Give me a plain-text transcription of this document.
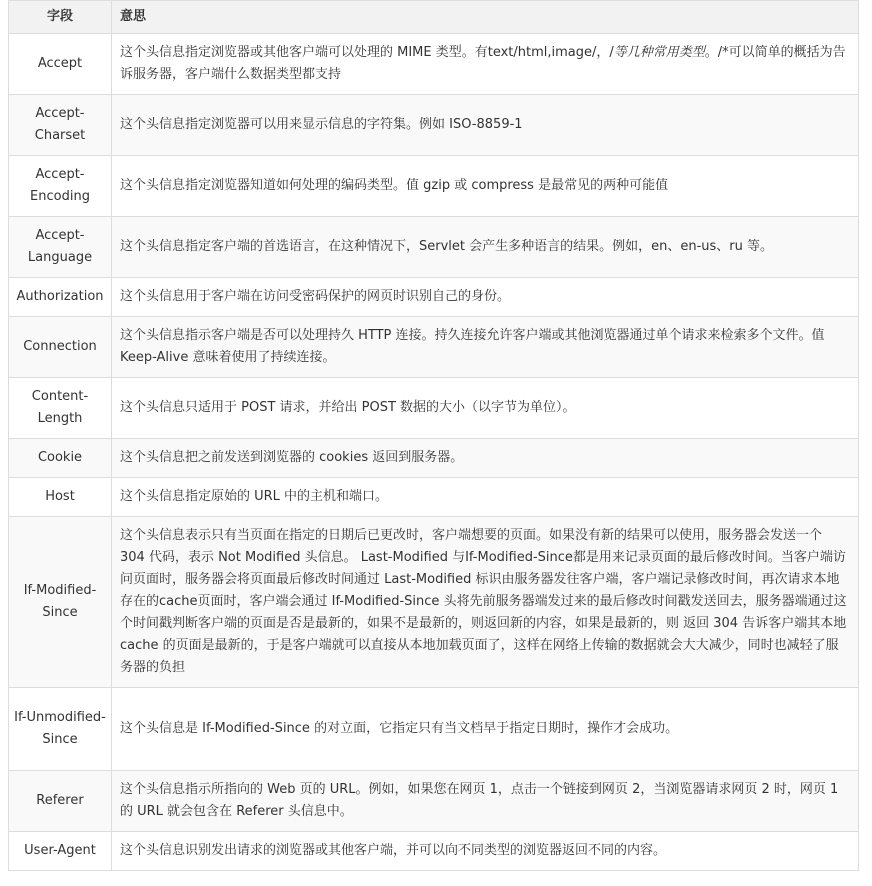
字段	意思
Accept	这个头信息指定浏览器或其他客户端可以处理的 MIME 类型。有text/html,image/，/等几种常用类型。/*可以简单的概括为告诉服务器，客户端什么数据类型都支持
Accept-Charset	这个头信息指定浏览器可以用来显示信息的字符集。例如 ISO-8859-1
Accept-Encoding	这个头信息指定浏览器知道如何处理的编码类型。值 gzip 或 compress 是最常见的两种可能值
Accept-Language	这个头信息指定客户端的首选语言，在这种情况下，Servlet 会产生多种语言的结果。例如，en、en-us、ru 等。
Authorization	这个头信息用于客户端在访问受密码保护的网页时识别自己的身份。
Connection	这个头信息指示客户端是否可以处理持久 HTTP 连接。持久连接允许客户端或其他浏览器通过单个请求来检索多个文件。值 Keep-Alive 意味着使用了持续连接。
Content-Length	这个头信息只适用于 POST 请求，并给出 POST 数据的大小（以字节为单位）。
Cookie	这个头信息把之前发送到浏览器的 cookies 返回到服务器。
Host	这个头信息指定原始的 URL 中的主机和端口。
If-Modified-Since	这个头信息表示只有当页面在指定的日期后已更改时，客户端想要的页面。如果没有新的结果可以使用，服务器会发送一个 304 代码，表示 Not Modified 头信息。 Last-Modified 与If-Modified-Since都是用来记录页面的最后修改时间。当客户端访问页面时，服务器会将页面最后修改时间通过 Last-Modified 标识由服务器发往客户端，客户端记录修改时间，再次请求本地存在的cache页面时，客户端会通过 If-Modified-Since 头将先前服务器端发过来的最后修改时间戳发送回去，服务器端通过这个时间戳判断客户端的页面是否是最新的，如果不是最新的，则返回新的内容，如果是最新的，则 返回 304 告诉客户端其本地 cache 的页面是最新的，于是客户端就可以直接从本地加载页面了，这样在网络上传输的数据就会大大减少，同时也减轻了服务器的负担
If-Unmodified-Since	这个头信息是 If-Modified-Since 的对立面，它指定只有当文档早于指定日期时，操作才会成功。
Referer	这个头信息指示所指向的 Web 页的 URL。例如，如果您在网页 1，点击一个链接到网页 2，当浏览器请求网页 2 时，网页 1 的 URL 就会包含在 Referer 头信息中。
User-Agent	这个头信息识别发出请求的浏览器或其他客户端，并可以向不同类型的浏览器返回不同的内容。
